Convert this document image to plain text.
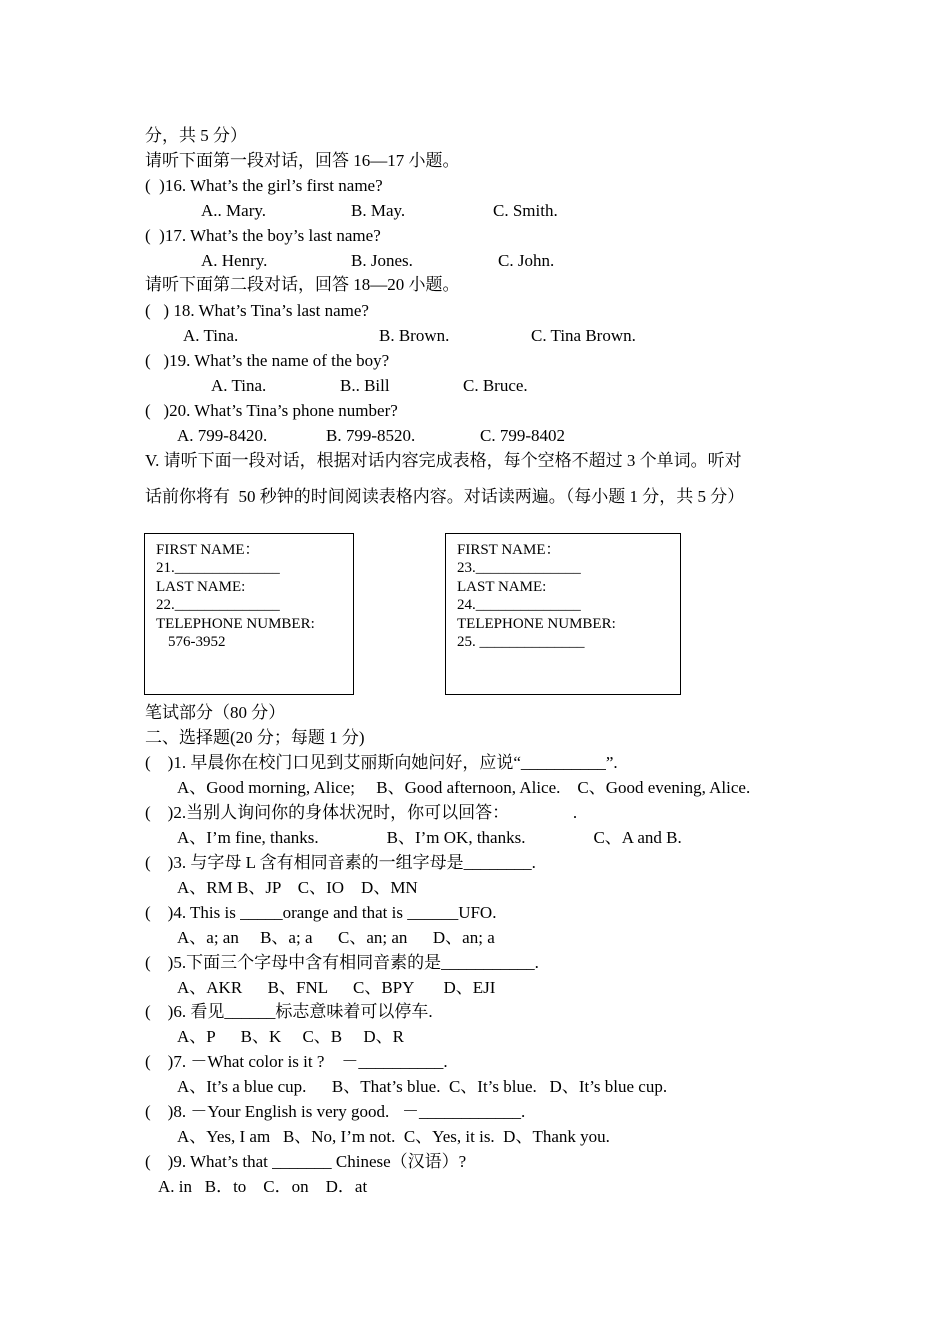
分，共 5 分）
请听下面第一段对话，回答 16—17 小题。
(  )16. What’s the girl’s first name?
A.. Mary.	B. May.	C. Smith.
(  )17. What’s the boy’s last name?
A. Henry.	B. Jones.	C. John.
请听下面第二段对话，回答 18—20 小题。
(   ) 18. What’s Tina’s last name?
A. Tina.	B. Brown.	C. Tina Brown.
(   )19. What’s the name of the boy?
A. Tina.	B.. Bill	C. Bruce.
(   )20. What’s Tina’s phone number?
A. 799-8420.	B. 799-8520.	C. 799-8402
V. 请听下面一段对话，根据对话内容完成表格，每个空格不超过 3 个单词。听对
话前你将有  50 秒钟的时间阅读表格内容。对话读两遍。（每小题 1 分，共 5 分）
FIRST NAME：
21.______________
LAST NAME:
22.______________
TELEPHONE NUMBER:
576-3952
FIRST NAME：
23.______________
LAST NAME:
24.______________
TELEPHONE NUMBER:
25. ______________
笔试部分（80 分）
二、选择题(20 分；每题 1 分)
(    )1. 早晨你在校门口见到艾丽斯向她问好，应说“__________”.
A、Good morning, Alice;     B、Good afternoon, Alice.    C、Good evening, Alice.
(    )2.当别人询问你的身体状况时，你可以回答：               .
A、I’m fine, thanks.                B、I’m OK, thanks.                C、A and B.
(    )3. 与字母 L 含有相同音素的一组字母是________.
A、RM B、JP    C、IO    D、MN
(    )4. This is _____orange and that is ______UFO.
A、a; an     B、a; a      C、an; an      D、an; a
(    )5.下面三个字母中含有相同音素的是___________.
A、AKR      B、FNL      C、BPY       D、EJI
(    )6. 看见______标志意味着可以停车.
A、P      B、K     C、B     D、R
(    )7. －What color is it ?    －__________.
A、It’s a blue cup.      B、That’s blue.  C、It’s blue.   D、It’s blue cup.
(    )8. －Your English is very good.   －____________.
A、Yes, I am   B、No, I’m not.  C、Yes, it is.  D、Thank you.
(    )9. What’s that _______ Chinese（汉语）?
A. in   B．to    C．on    D．at
